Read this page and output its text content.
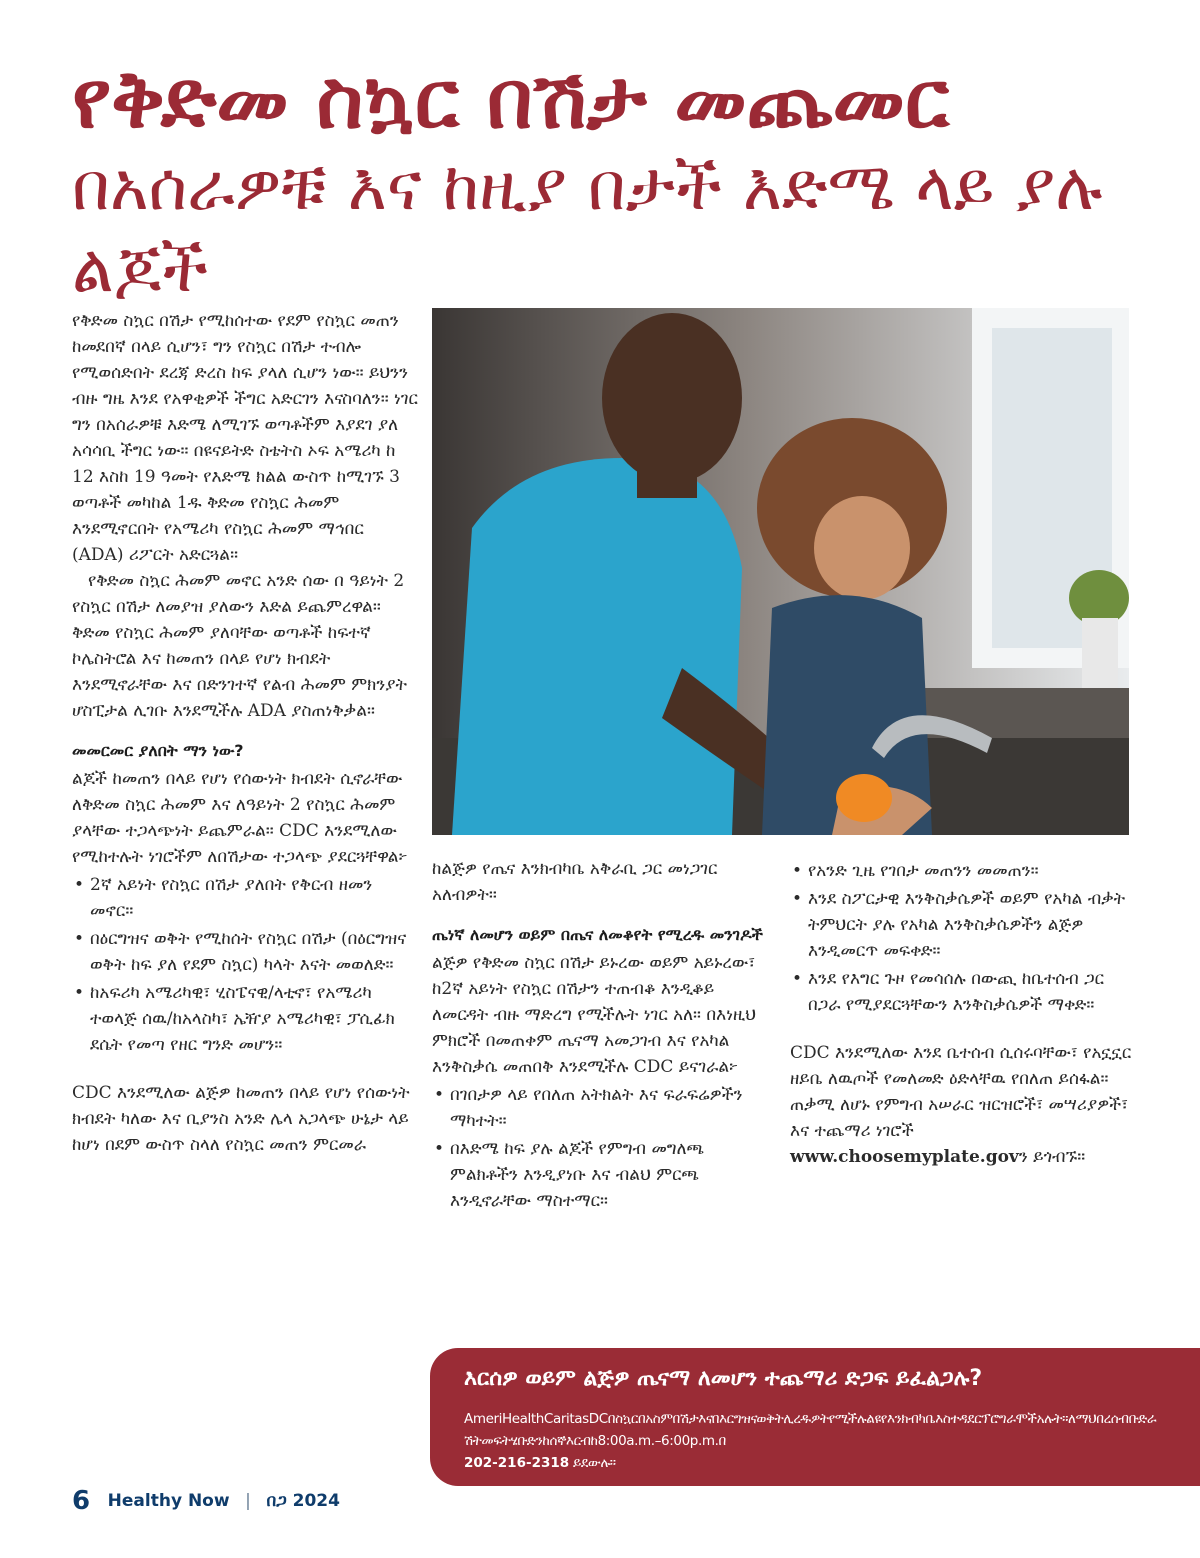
የቅድመ ስኳር በሽታ መጨመር
በአሰራዎቹ እና ከዚያ በታች እድሜ ላይ ያሉ ልጆች

የቅድመ ስኳር በሽታ የሚከሰተው የደም የስኳር መጠን ከመደበኛ በላይ ሲሆን፣ ግን የስኳር በሽታ ተብሎ የሚወሰድበት ደረጃ ድረስ ከፍ ያላለ ሲሆን ነው። ይህንን ብዙ ግዜ እንደ የአዋቂዎች ችግር አድርገን እናስባለን። ነገር ግን በአሰራዎቹ እድሜ ለሚገኙ ወጣቶችም እያደገ ያለ አሳሳቢ ችግር ነው። በዩናይትድ ስቴትስ ኦፍ አሜሪካ ከ 12 እስከ 19 ዓመት የእድሜ ክልል ውስጥ ከሚገኙ 3 ወጣቶች መካከል 1ዱ ቅድመ የስኳር ሕመም እንደሚኖርበት የአሜሪካ የስኳር ሕመም ማኅበር (ADA) ሪፖርት አድርጓል።

የቅድመ ስኳር ሕመም መኖር አንድ ሰው በ ዓይነት 2 የስኳር በሽታ ለመያዝ ያለውን እድል ይጨምረዋል። ቅድመ የስኳር ሕመም ያለባቸው ወጣቶች ከፍተኛ ኮሌስትሮል እና ከመጠን በላይ የሆነ ክብደት እንደሚኖራቸው እና በድንገተኛ የልብ ሕመም ምክንያት ሆስፒታል ሊገቡ እንደሚችሉ ADA ያስጠነቅቃል።

መመርመር ያለበት ማን ነው?

ልጆች ከመጠን በላይ የሆነ የሰውነት ክብደት ሲኖራቸው ለቅድመ ስኳር ሕመም እና ለዓይነት 2 የስኳር ሕመም ያላቸው ተጋላጭነት ይጨምራል። CDC እንደሚለው የሚከተሉት ነገሮችም ለበሽታው ተጋላጭ ያደርጓቸዋል፦

• 2ኛ አይነት የስኳር በሽታ ያለበት የቅርብ ዘመን መኖር።
• በዕርግዝና ወቅት የሚከሰት የስኳር በሽታ (በዕርግዝና ወቅት ከፍ ያለ የደም ስኳር) ካላት እናት መወለድ።
• ከአፍሪካ አሜሪካዊ፣ ሂስፔናዊ/ላቲኖ፣ የአሜሪካ ተወላጅ ሰዉ/ከአላስካ፣ ኤዥያ አሜሪካዊ፣ ፓሲፊክ ደሴት የመጣ የዘር ግንድ መሆን።

CDC እንደሚለው ልጅዎ ከመጠን በላይ የሆነ የሰውነት ክብደት ካለው እና ቢያንስ አንድ ሌላ አጋላጭ ሁኔታ ላይ ከሆነ በደም ውስጥ ስላለ የስኳር መጠን ምርመራ

ከልጅዎ የጤና እንክብካቤ አቅራቢ ጋር መነጋገር አለብዎት።

ጤነኛ ለመሆን ወይም በጤና ለመቆየት የሚረዱ መንገዶች

ልጅዎ የቅድመ ስኳር በሽታ ይኑረው ወይም አይኑረው፣ ከ2ኛ አይነት የስኳር በሽታን ተጠብቆ እንዲቆይ ለመርዳት ብዙ ማድረግ የሚችሉት ነገር አለ። በእነዚህ ምክሮች በመጠቀም ጤናማ አመጋገብ እና የአካል እንቅስቃሴ መጠበቅ እንደሚችሉ CDC ይናገራል፦

• በገበታዎ ላይ የበለጠ አትክልት እና ፍራፍሬዎችን ማካተት።
• በእድሜ ከፍ ያሉ ልጆች የምግብ መግለጫ ምልክቶችን እንዲያነቡ እና ብልህ ምርጫ እንዲኖራቸው ማስተማር።
• የአንድ ጊዜ የገበታ መጠንን መመጠን።
• እንደ ስፖርታዊ እንቅስቃሴዎች ወይም የአካል ብቃት ትምህርት ያሉ የአካል እንቅስቃሴዎችን ልጅዎ እንዲመርጥ መፍቀድ።
• እንደ የእግር ጉዞ የመሳሰሉ በውጪ ከቤተሰብ ጋር በጋራ የሚያደርጓቸውን እንቅስቃሴዎች ማቀድ።

CDC እንደሚለው እንደ ቤተሰብ ሲሰሩባቸው፣ የአኗኗር ዘይቤ ለዉጦች የመለመድ ዕድላቸዉ የበለጠ ይሰፋል። ጠቃሚ ለሆኑ የምግብ አሠራር ዝርዝሮች፣ መሣሪያዎች፣ እና ተጨማሪ ነገሮች www.choosemyplate.govን ይጎብኙ።

እርሰዎ ወይም ልጅዎ ጤናማ ለመሆን ተጨማሪ ድጋፍ ይፈልጋሉ?

AmeriHealthCaritasDCበስኳርበአስምበሽታእናበእርግዝናወቅትሊረዱዎትየሚችሉልዩየእንክብካቤእስተዳደርፕሮግራሞችአሉት።ለማህበረሰብቡድራሽትመፍትሄቡድንከሰኞእርብከ8:00a.m.–6:00p.m.በ
202-216-2318 ይደውሉ።

6 Healthy Now | በጋ 2024
